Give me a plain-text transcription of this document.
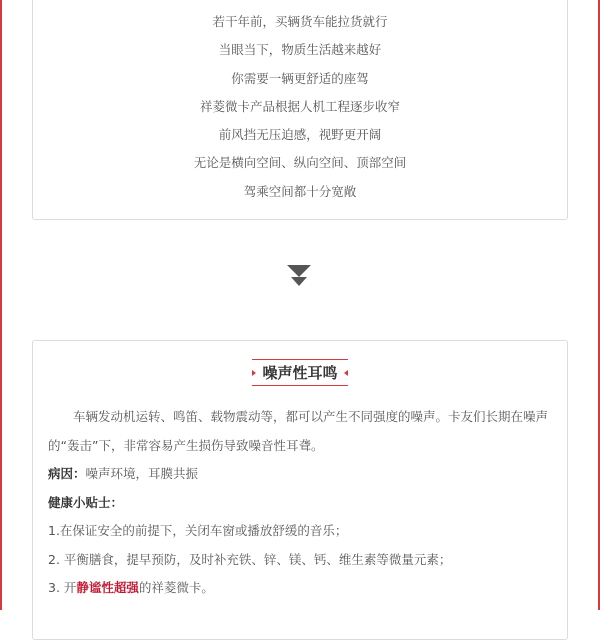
若干年前，买辆货车能拉货就行
当眼当下，物质生活越来越好
你需要一辆更舒适的座驾
祥菱微卡产品根据人机工程逐步收窄
前风挡无压迫感，视野更开阔
无论是横向空间、纵向空间、顶部空间
驾乘空间都十分宽敞
噪声性耳鸣

车辆发动机运转、鸣笛、载物震动等，都可以产生不同强度的噪声。卡友们长期在噪声的“轰击”下，非常容易产生损伤导致噪音性耳聋。

病因：噪声环境，耳膜共振

健康小贴士：

1.在保证安全的前提下，关闭车窗或播放舒缓的音乐；

2. 平衡膳食，提早预防，及时补充铁、锌、镁、钙、维生素等微量元素；

3. 开静谧性超强的祥菱微卡。
